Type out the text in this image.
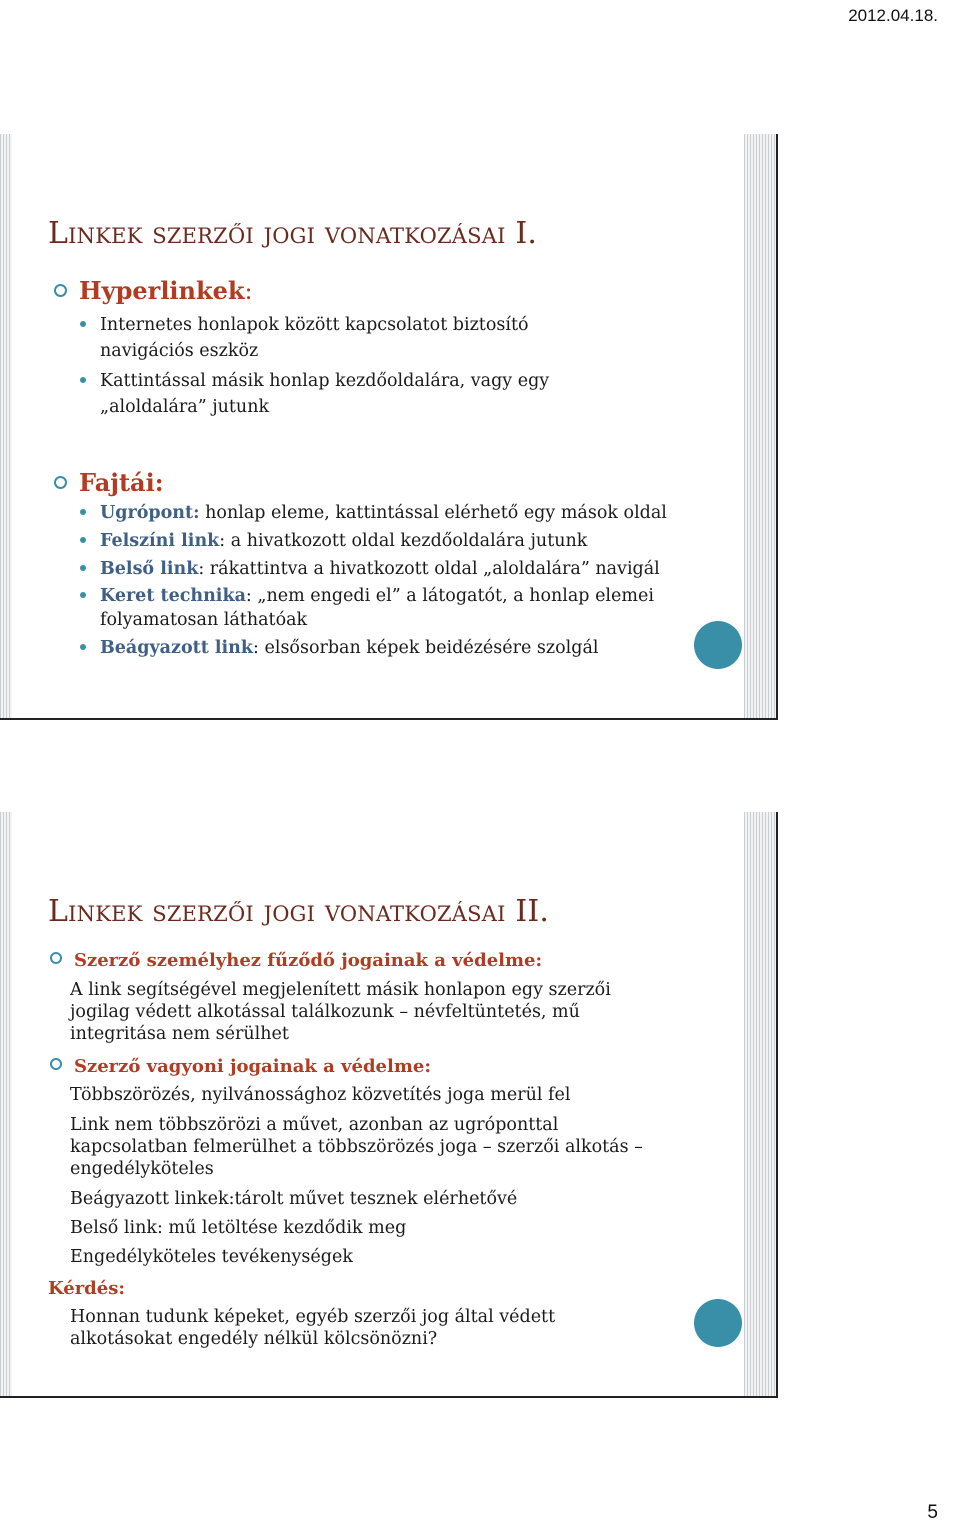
2012.04.18.
Linkek szerzői jogi vonatkozásai I.
Hyperlinkek:
Internetes honlapok között kapcsolatot biztosító navigációs eszköz
Kattintással másik honlap kezdőoldalára, vagy egy „aloldalára” jutunk
Fajtái:
Ugrópont: honlap eleme, kattintással elérhető egy mások oldal
Felszíni link: a hivatkozott oldal kezdőoldalára jutunk
Belső link: rákattintva a hivatkozott oldal „aloldalára” navigál
Keret technika: „nem engedi el” a látogatót, a honlap elemei folyamatosan láthatóak
Beágyazott link: elsősorban képek beidézésére szolgál
Linkek szerzői jogi vonatkozásai II.
Szerző személyhez fűződő jogainak a védelme:
A link segítségével megjelenített másik honlapon egy szerzői jogilag védett alkotással találkozunk – névfeltüntetés, mű integritása nem sérülhet
Szerző vagyoni jogainak a védelme:
Többszörözés, nyilvánossághoz közvetítés joga merül fel
Link nem többszörözi a művet, azonban az ugróponttal kapcsolatban felmerülhet a többszörözés joga – szerzői alkotás – engedélyköteles
Beágyazott linkek:tárolt művet tesznek elérhetővé
Belső link: mű letöltése kezdődik meg
Engedélyköteles tevékenységek
Kérdés:
Honnan tudunk képeket, egyéb szerzői jog által védett alkotásokat engedély nélkül kölcsönözni?
5
